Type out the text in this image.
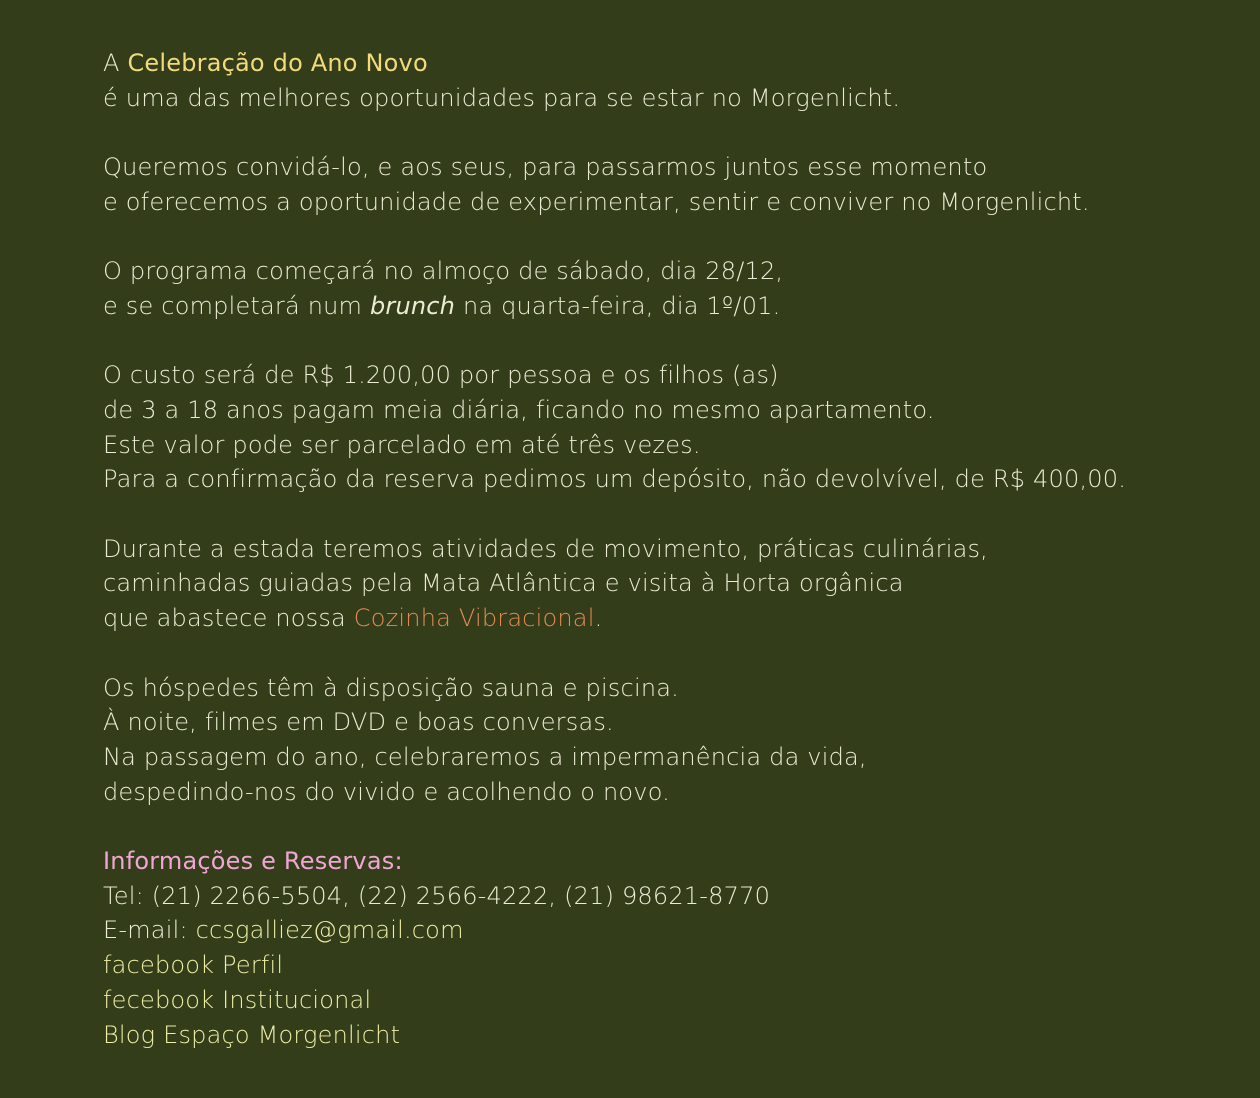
A Celebração do Ano Novo
é uma das melhores oportunidades para se estar no Morgenlicht.
Queremos convidá-lo, e aos seus, para passarmos juntos esse momento
e oferecemos a oportunidade de experimentar, sentir e conviver no Morgenlicht.
O programa começará no almoço de sábado, dia 28/12,
e se completará num brunch na quarta-feira, dia 1º/01.
O custo será de R$ 1.200,00 por pessoa e os filhos (as)
de 3 a 18 anos pagam meia diária, ficando no mesmo apartamento.
Este valor pode ser parcelado em até três vezes.
Para a confirmação da reserva pedimos um depósito, não devolvível, de R$ 400,00.
Durante a estada teremos atividades de movimento, práticas culinárias,
caminhadas guiadas pela Mata Atlântica e visita à Horta orgânica
que abastece nossa Cozinha Vibracional.
Os hóspedes têm à disposição sauna e piscina.
À noite, filmes em DVD e boas conversas.
Na passagem do ano, celebraremos a impermanência da vida,
despedindo-nos do vivido e acolhendo o novo.
Informações e Reservas:
Tel: (21) 2266-5504, (22) 2566-4222, (21) 98621-8770
E-mail: ccsgalliez@gmail.com
facebook Perfil
fecebook Institucional
Blog Espaço Morgenlicht
